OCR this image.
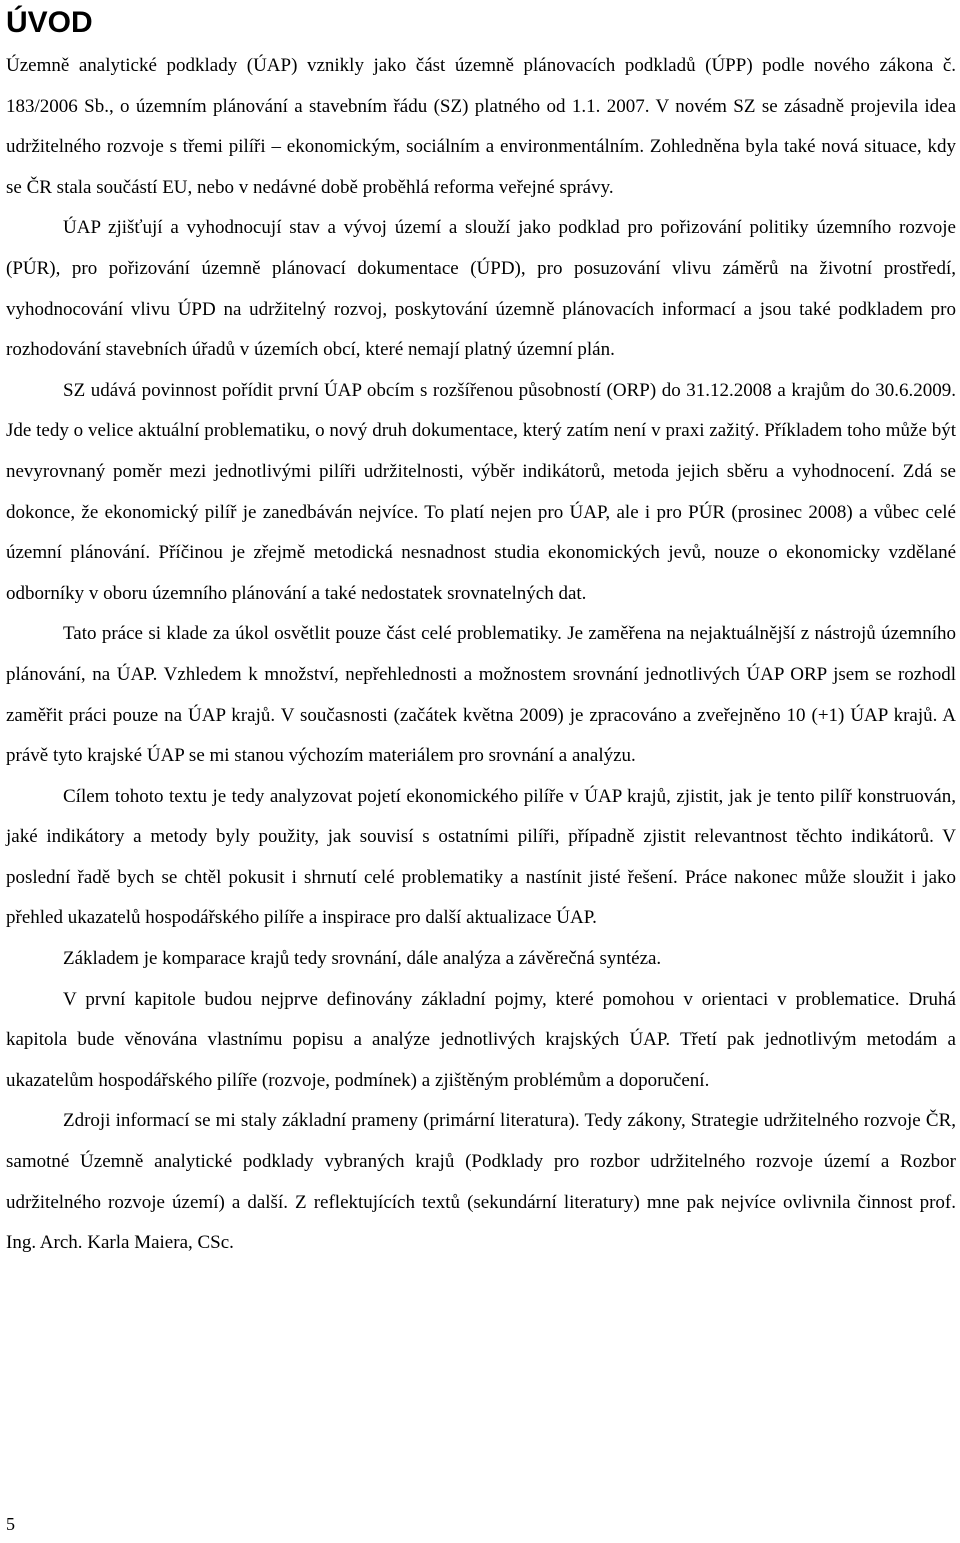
ÚVOD

Územně analytické podklady (ÚAP) vznikly jako část územně plánovacích podkladů (ÚPP) podle nového zákona č. 183/2006 Sb., o územním plánování a stavebním řádu (SZ) platného od 1.1. 2007. V novém SZ se zásadně projevila idea udržitelného rozvoje s třemi pilíři – ekonomickým, sociálním a environmentálním. Zohledněna byla také nová situace, kdy se ČR stala součástí EU, nebo v nedávné době proběhlá reforma veřejné správy.

ÚAP zjišťují a vyhodnocují stav a vývoj území a slouží jako podklad pro pořizování politiky územního rozvoje (PÚR), pro pořizování územně plánovací dokumentace (ÚPD), pro posuzování vlivu záměrů na životní prostředí, vyhodnocování vlivu ÚPD na udržitelný rozvoj, poskytování územně plánovacích informací a jsou také podkladem pro rozhodování stavebních úřadů v územích obcí, které nemají platný územní plán.

SZ udává povinnost pořídit první ÚAP obcím s rozšířenou působností (ORP) do 31.12.2008 a krajům do 30.6.2009. Jde tedy o velice aktuální problematiku, o nový druh dokumentace, který zatím není v praxi zažitý. Příkladem toho může být nevyrovnaný poměr mezi jednotlivými pilíři udržitelnosti, výběr indikátorů, metoda jejich sběru a vyhodnocení. Zdá se dokonce, že ekonomický pilíř je zanedbáván nejvíce. To platí nejen pro ÚAP, ale i pro PÚR (prosinec 2008) a vůbec celé územní plánování. Příčinou je zřejmě metodická nesnadnost studia ekonomických jevů, nouze o ekonomicky vzdělané odborníky v oboru územního plánování a také nedostatek srovnatelných dat.

Tato práce si klade za úkol osvětlit pouze část celé problematiky. Je zaměřena na nejaktuálnější z nástrojů územního plánování, na ÚAP. Vzhledem k množství, nepřehlednosti a možnostem srovnání jednotlivých ÚAP ORP jsem se rozhodl zaměřit práci pouze na ÚAP krajů. V současnosti (začátek května 2009) je zpracováno a zveřejněno 10 (+1) ÚAP krajů. A právě tyto krajské ÚAP se mi stanou výchozím materiálem pro srovnání a analýzu.

Cílem tohoto textu je tedy analyzovat pojetí ekonomického pilíře v ÚAP krajů, zjistit, jak je tento pilíř konstruován, jaké indikátory a metody byly použity, jak souvisí s ostatními pilíři, případně zjistit relevantnost těchto indikátorů. V poslední řadě bych se chtěl pokusit i shrnutí celé problematiky a nastínit jisté řešení. Práce nakonec může sloužit i jako přehled ukazatelů hospodářského pilíře a inspirace pro další aktualizace ÚAP.

Základem je komparace krajů tedy srovnání, dále analýza a závěrečná syntéza.

V první kapitole budou nejprve definovány základní pojmy, které pomohou v orientaci v problematice. Druhá kapitola bude věnována vlastnímu popisu a analýze jednotlivých krajských ÚAP. Třetí pak jednotlivým metodám a ukazatelům hospodářského pilíře (rozvoje, podmínek) a zjištěným problémům a doporučení.

Zdroji informací se mi staly základní prameny (primární literatura). Tedy zákony, Strategie udržitelného rozvoje ČR, samotné Územně analytické podklady vybraných krajů (Podklady pro rozbor udržitelného rozvoje území a Rozbor udržitelného rozvoje území) a další. Z reflektujících textů (sekundární literatury) mne pak nejvíce ovlivnila činnost prof. Ing. Arch. Karla Maiera, CSc.

5
